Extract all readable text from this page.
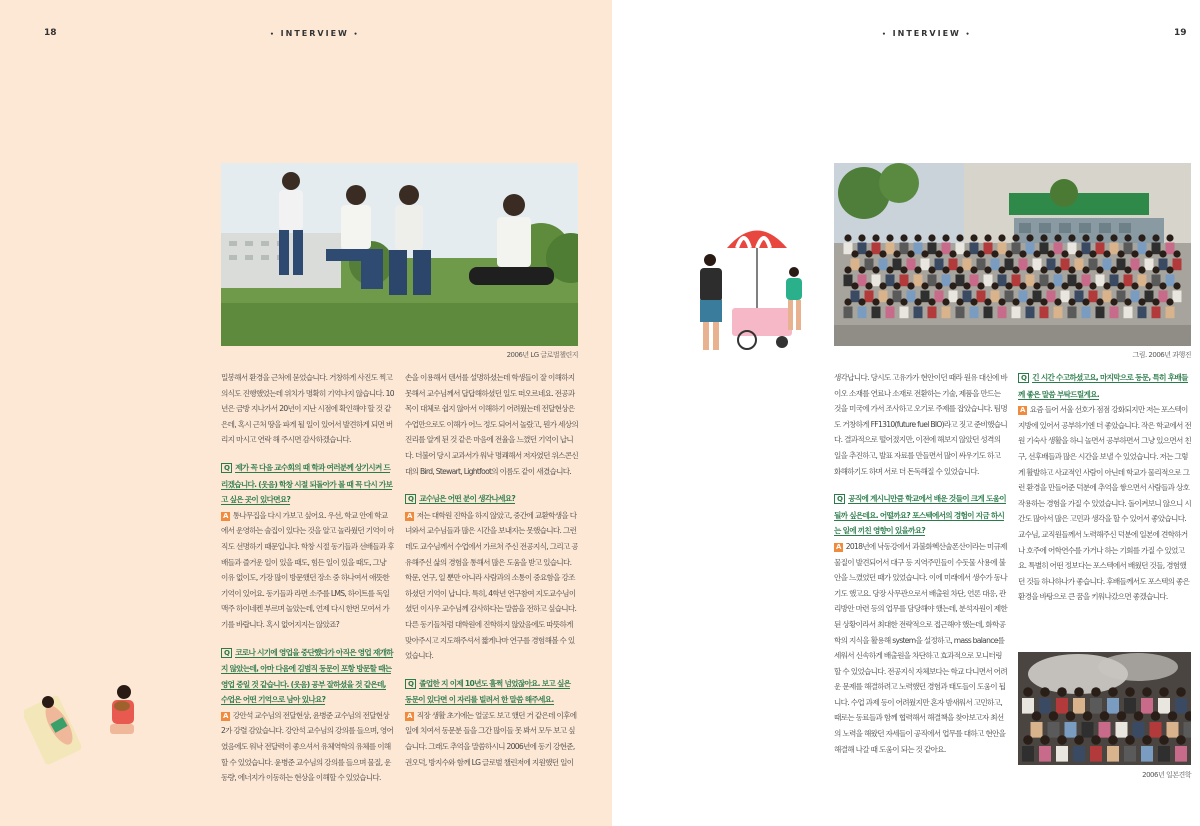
18	• INTERVIEW •
2006년 LG 글로벌챌린지

밀봉해서 환경을 근처에 묻었습니다. 거창하게 사진도 찍고 의식도 진행했었는데 위치가 명확히 기억나지 않습니다. 10년은 금방 지나가서 20년이 지난 시점에 확인해야 할 것 같은데, 혹시 근처 땅을 파게 될 일이 있어서 발견하게 되면 버리지 마시고 연락 해 주시면 감사하겠습니다.

Q 제가 꼭 다음 교수회의 때 학과 여러분께 상기시켜 드리겠습니다. (웃음) 학창 시절 되돌아가 볼 때 꼭 다시 가보고 싶은 곳이 있다면요?

A 통나무집을 다시 가보고 싶어요. 우선, 학교 안에 학교에서 운영하는 술집이 있다는 것을 알고 놀라웠던 기억이 아직도 선명하기 때문입니다. 학창 시절 동기들과 선배들과 후배들과 즐거운 일이 있을 때도, 힘든 일이 있을 때도, 그냥 이유 없이도, 가장 많이 방문했던 장소 중 하나여서 애뜻한 기억이 있어요. 동기들과 라면 소주를 LMS, 하이트를 독일맥주 하이네켄 부르며 놀았는데, 언제 다시 한번 모여서 가기를 바랍니다. 혹시 없어지지는 않았죠?

Q 코로나 시기에 영업을 중단했다가 아직은 영업 재개하지 않았는데, 아마 다음에 김범직 동문이 포항 방문할 때는 영업 중일 것 같습니다. (웃음) 공부 잘하셨을 것 같은데, 수업은 어떤 기억으로 남아 있나요?

A 강안석 교수님의 전달현상, 윤병준 교수님의 전달현상 2가 강렬 감았습니다. 강안석 교수님의 강의를 들으며, 영어였음에도 워낙 전달력이 좋으셔서 유체역학의 유체를 이해할 수 있었습니다. 윤병준 교수님의 강의를 들으며 물질, 운동량, 에너지가 이동하는 현상을 이해할 수 있었습니다.

손을 이용해서 텐서를 설명하셨는데 학생들이 잘 이해하지 못해서 교수님께서 답답해하셨던 일도 떠오르네요. 전공과목이 대체로 쉽지 않아서 이해하기 어려웠는데 전달현상은 수업만으로도 이해가 어느 정도 되어서 놀랐고, 뭔가 세상의 진리를 알게 된 것 같은 마음에 전율을 느꼈던 기억이 납니다. 더불어 당시 교과서가 워낙 명쾌해서 저자였던 위스콘신대의 Bird, Stewart, Lightfoot의 이름도 같이 새겼습니다.

Q 교수님은 어떤 분이 생각나세요?

A 저는 대학원 진학을 하지 않았고, 중간에 교환학생을 다녀와서 교수님들과 많은 시간을 보내지는 못했습니다. 그런데도 교수님께서 수업에서 가르쳐 주신 전공지식, 그리고 공유해주신 삶의 경험을 통해서 많은 도움을 받고 있습니다. 학문, 연구, 일 뿐만 아니라 사람과의 소통이 중요함을 강조하셨던 기억이 납니다. 특히, 4학년 연구참여 지도교수님이셨던 이시우 교수님께 감사하다는 말씀을 전하고 싶습니다. 다른 동기들처럼 대학원에 진학하지 않았음에도 따뜻하게 맞아주시고 지도해주셔서 짧게나마 연구를 경험해볼 수 있었습니다.

Q 졸업한 지 이제 10년도 훌쩍 넘었잖아요. 보고 싶은 동문이 있다면 이 자리를 빌려서 한 말씀 해주세요.

A 직장 생활 초기에는 얼굴도 보고 했던 거 같은데 이후에 일에 치여서 동문분 들을 그간 많이들 못 봐서 모두 보고 싶습니다. 그래도 추억을 말씀하시니 2006년에 동기 강현준, 권오덕, 방지수와 함께 LG 글로벌 챌린저에 지원했던 일이

• INTERVIEW •	19
그림. 2006년 과행진

생각납니다. 당시도 고유가가 현안이던 때라 원유 대신에 바이오 소재를 연료나 소재로 전환하는 기술, 제품을 만드는 것을 미국에 가서 조사하고 오기로 주제를 잡았습니다. 팀명도 거창하게 FF1310(future fuel BIO)라고 짓고 준비했습니다. 결과적으로 떨어졌지만, 이전에 해보지 않았던 성격의 일을 추진하고, 발표 자료를 만들면서 많이 싸우기도 하고 화해하기도 하며 서로 더 돈독해질 수 있었습니다.

Q 공직에 계시니만큼 학교에서 배운 것들이 크게 도움이 될까 싶은데요. 어떨까요? 포스텍에서의 경험이 지금 하시는 일에 끼친 영향이 있을까요?

A 2018년에 낙동강에서 과불화헥산술폰산이라는 미규제 물질이 발견되어서 대구 등 지역주민들이 수돗물 사용에 불안을 느꼈었던 때가 있었습니다. 이에 미래에서 생수가 동나기도 했고요. 당장 사무관으로서 배출원 차단, 언론 대응, 관리방안 마련 등의 업무를 담당해야 했는데, 분석자원이 제한된 상황이라서 최대한 전략적으로 접근해야 했는데, 화학공학의 지식을 활용해 system을 설정하고, mass balance를 세워서 신속하게 배출원을 차단하고 효과적으로 모니터링할 수 있었습니다. 전공지식 자체보다는 학교 다니면서 어려운 문제를 해결하려고 노력했던 경험과 태도들이 도움이 됩니다. 수업 과제 등이 어려웠지만 혼자 밤새워서 고민하고, 때로는 동료들과 함께 협력해서 해결책을 찾아보고자 최선의 노력을 해왔던 자세들이 공직에서 업무를 대하고 현안을 해결해 나갈 때 도움이 되는 것 같아요.

Q 긴 시간 수고하셨고요, 마지막으로 동문, 특히 후배들께 좋은 말씀 부탁드릴게요.

A 요즘 들어 서울 선호가 점점 강화되지만 저는 포스텍이 지방에 있어서 공부하기엔 더 좋았습니다. 작은 학교에서 전원 기숙사 생활을 하니 놀면서 공부하면서 그냥 있으면서 친구, 선후배들과 많은 시간을 보낼 수 있었습니다. 저는 그렇게 활발하고 사교적인 사람이 아닌데 학교가 물리적으로 그런 환경을 만들어준 덕분에 추억을 쌓으면서 사람들과 상호작용하는 경험을 가질 수 있었습니다. 돌이켜보니 않으니 시간도 많아서 많은 고민과 생각을 할 수 있어서 좋았습니다. 교수님, 교직원들께서 노력해주신 덕분에 일본에 견학하거나 호주에 어학연수를 가거나 하는 기회를 가질 수 있었고요. 특별히 어떤 정보다는 포스텍에서 배웠던 것들, 경험했던 것들 하나하나가 좋습니다. 후배들께서도 포스텍의 좋은 환경을 바탕으로 큰 꿈을 키워나갔으면 좋겠습니다.

2006년 일본견학
